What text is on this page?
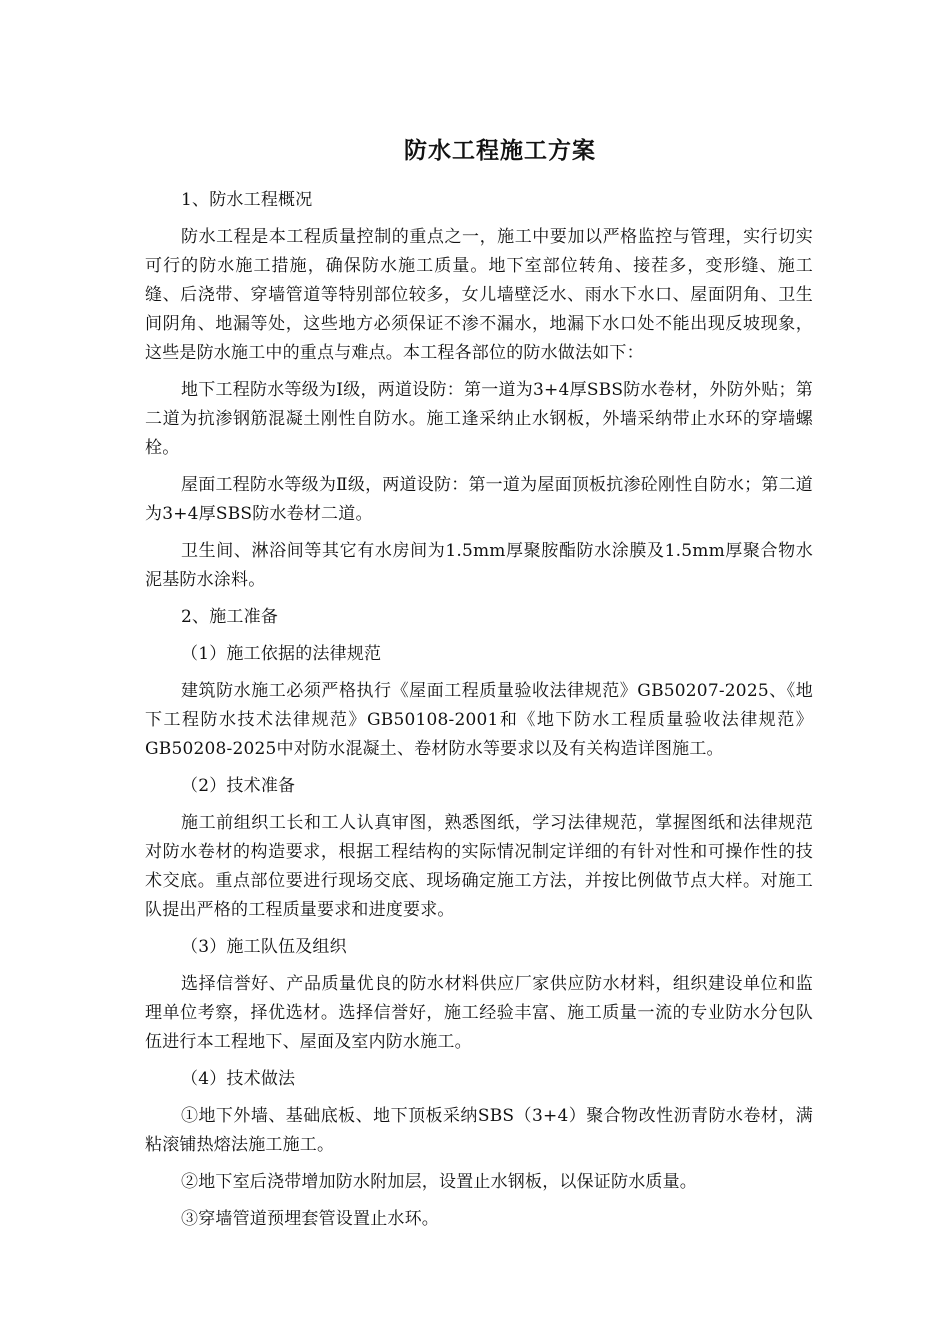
防水工程施工方案

1、防水工程概况

防水工程是本工程质量控制的重点之一，施工中要加以严格监控与管理，实行切实可行的防水施工措施，确保防水施工质量。地下室部位转角、接茬多，变形缝、施工缝、后浇带、穿墙管道等特别部位较多，女儿墙壁泛水、雨水下水口、屋面阴角、卫生间阴角、地漏等处，这些地方必须保证不渗不漏水，地漏下水口处不能出现反坡现象，这些是防水施工中的重点与难点。本工程各部位的防水做法如下：

地下工程防水等级为Ⅰ级，两道设防：第一道为3+4厚SBS防水卷材，外防外贴；第二道为抗渗钢筋混凝土刚性自防水。施工逢采纳止水钢板，外墙采纳带止水环的穿墙螺栓。

屋面工程防水等级为Ⅱ级，两道设防：第一道为屋面顶板抗渗砼刚性自防水；第二道为3+4厚SBS防水卷材二道。

卫生间、淋浴间等其它有水房间为1.5mm厚聚胺酯防水涂膜及1.5mm厚聚合物水泥基防水涂料。

2、施工准备

（1）施工依据的法律规范

建筑防水施工必须严格执行《屋面工程质量验收法律规范》GB50207-2025、《地下工程防水技术法律规范》GB50108-2001和《地下防水工程质量验收法律规范》GB50208-2025中对防水混凝土、卷材防水等要求以及有关构造详图施工。

（2）技术准备

施工前组织工长和工人认真审图，熟悉图纸，学习法律规范，掌握图纸和法律规范对防水卷材的构造要求，根据工程结构的实际情况制定详细的有针对性和可操作性的技术交底。重点部位要进行现场交底、现场确定施工方法，并按比例做节点大样。对施工队提出严格的工程质量要求和进度要求。

（3）施工队伍及组织

选择信誉好、产品质量优良的防水材料供应厂家供应防水材料，组织建设单位和监理单位考察，择优选材。选择信誉好，施工经验丰富、施工质量一流的专业防水分包队伍进行本工程地下、屋面及室内防水施工。

（4）技术做法

①地下外墙、基础底板、地下顶板采纳SBS（3+4）聚合物改性沥青防水卷材，满粘滚铺热熔法施工施工。

②地下室后浇带增加防水附加层，设置止水钢板，以保证防水质量。

③穿墙管道预埋套管设置止水环。
